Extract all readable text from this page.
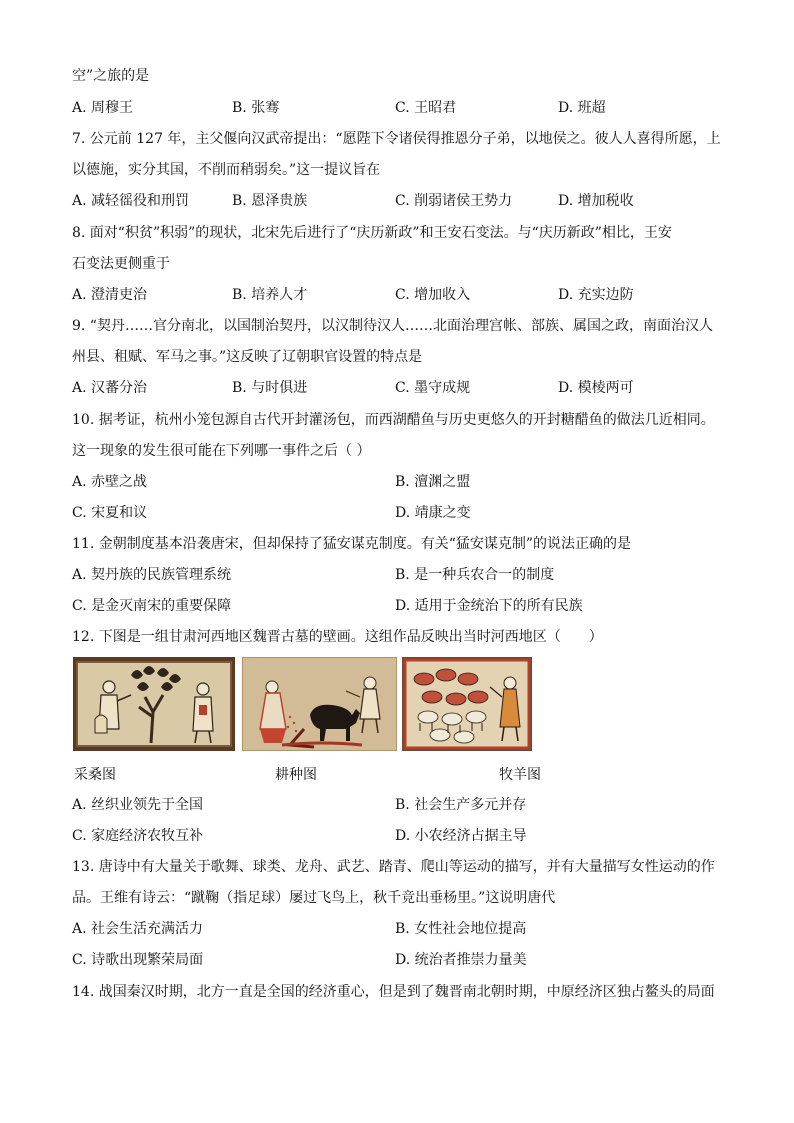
空”之旅的是
A. 周穆王	B. 张骞	C. 王昭君	D. 班超
7. 公元前 127 年，主父偃向汉武帝提出：“愿陛下令诸侯得推恩分子弟，以地侯之。彼人人喜得所愿，上
以德施，实分其国，不削而稍弱矣。”这一提议旨在
A. 减轻徭役和刑罚	B. 恩泽贵族	C. 削弱诸侯王势力	D. 增加税收
8. 面对“积贫”积弱”的现状，北宋先后进行了“庆历新政”和王安石变法。与“庆历新政”相比，王安
石变法更侧重于
A. 澄清吏治	B. 培养人才	C. 增加收入	D. 充实边防
9. “契丹……官分南北，以国制治契丹，以汉制待汉人……北面治理宫帐、部族、属国之政，南面治汉人
州县、租赋、军马之事。”这反映了辽朝职官设置的特点是
A. 汉蕃分治	B. 与时俱进	C. 墨守成规	D. 模棱两可
10. 据考证，杭州小笼包源自古代开封灌汤包，而西湖醋鱼与历史更悠久的开封糖醋鱼的做法几近相同。
这一现象的发生很可能在下列哪一事件之后（ ）
A. 赤壁之战	B. 澶渊之盟
C. 宋夏和议	D. 靖康之变
11. 金朝制度基本沿袭唐宋，但却保持了猛安谋克制度。有关“猛安谋克制”的说法正确的是
A. 契丹族的民族管理系统	B. 是一种兵农合一的制度
C. 是金灭南宋的重要保障	D. 适用于金统治下的所有民族
12. 下图是一组甘肃河西地区魏晋古墓的壁画。这组作品反映出当时河西地区（　　）
采桑图	耕种图	牧羊图
A. 丝织业领先于全国	B. 社会生产多元并存
C. 家庭经济农牧互补	D. 小农经济占据主导
13. 唐诗中有大量关于歌舞、球类、龙舟、武艺、踏青、爬山等运动的描写，并有大量描写女性运动的作
品。王维有诗云：“蹴鞠（指足球）屡过飞鸟上，秋千竞出垂杨里。”这说明唐代
A. 社会生活充满活力	B. 女性社会地位提高
C. 诗歌出现繁荣局面	D. 统治者推崇力量美
14. 战国秦汉时期，北方一直是全国的经济重心，但是到了魏晋南北朝时期，中原经济区独占鳌头的局面
